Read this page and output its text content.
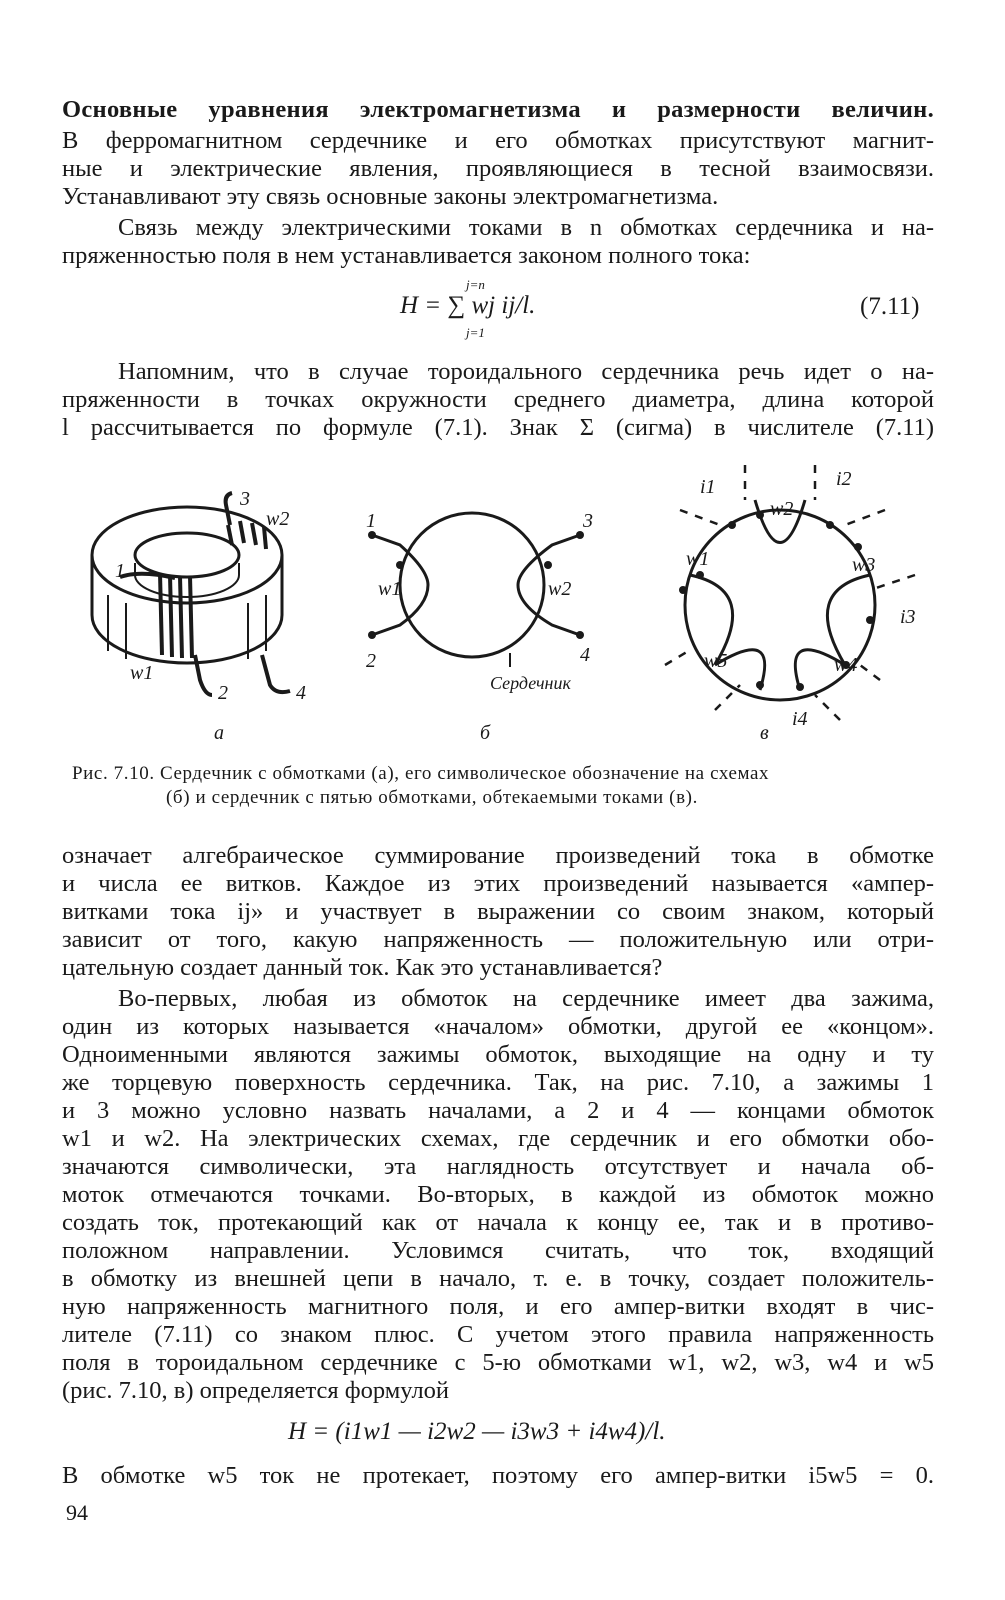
Основные уравнения электромагнетизма и размерности величин.
В ферромагнитном сердечнике и его обмотках присутствуют магнит-
ные и электрические явления, проявляющиеся в тесной взаимосвязи.
Устанавливают эту связь основные законы электромагнетизма.
Связь между электрическими токами в n обмотках сердечника и на-
пряженностью поля в нем устанавливается законом полного тока:
j=n
H = ∑ wj ij/l.
j=1
(7.11)
Напомним, что в случае тороидального сердечника речь идет о на-
пряженности в точках окружности среднего диаметра, длина которой
l рассчитывается по формуле (7.1). Знак Σ (сигма) в числителе (7.11)
3
w2
1
w1
2	4
1	3
w1	w2
2	4
Сердечник
i1	i2
w2
w1	w3
i3
w5	w4
i4
а	б	в
Рис. 7.10. Сердечник с обмотками (а), его символическое обозначение на схемах
(б) и сердечник с пятью обмотками, обтекаемыми токами (в).
означает алгебраическое суммирование произведений тока в обмотке
и числа ее витков. Каждое из этих произведений называется «ампер-
витками тока ij» и участвует в выражении со своим знаком, который
зависит от того, какую напряженность — положительную или отри-
цательную создает данный ток. Как это устанавливается?
Во-первых, любая из обмоток на сердечнике имеет два зажима,
один из которых называется «началом» обмотки, другой ее «концом».
Одноименными являются зажимы обмоток, выходящие на одну и ту
же торцевую поверхность сердечника. Так, на рис. 7.10, а зажимы 1
и 3 можно условно назвать началами, а 2 и 4 — концами обмоток
w1 и w2. На электрических схемах, где сердечник и его обмотки обо-
значаются символически, эта наглядность отсутствует и начала об-
моток отмечаются точками. Во-вторых, в каждой из обмоток можно
создать ток, протекающий как от начала к концу ее, так и в противо-
положном направлении. Условимся считать, что ток, входящий
в обмотку из внешней цепи в начало, т. е. в точку, создает положитель-
ную напряженность магнитного поля, и его ампер-витки входят в чис-
лителе (7.11) со знаком плюс. С учетом этого правила напряженность
поля в тороидальном сердечнике с 5-ю обмотками w1, w2, w3, w4 и w5
(рис. 7.10, в) определяется формулой
H = (i1w1 — i2w2 — i3w3 + i4w4)/l.
В обмотке w5 ток не протекает, поэтому его ампер-витки i5w5 = 0.
94
